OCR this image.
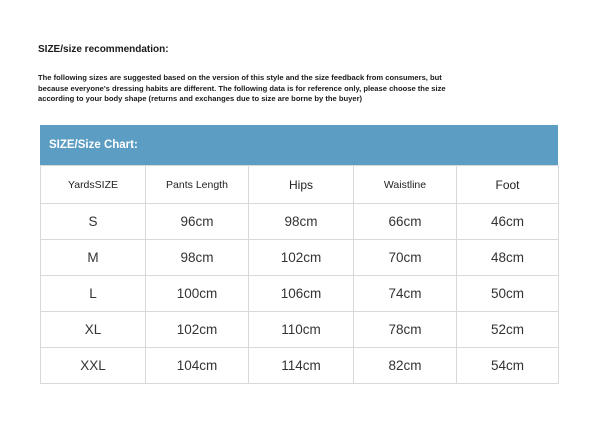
SIZE/size recommendation:
The following sizes are suggested based on the version of this style and the size feedback from consumers, but
because everyone's dressing habits are different. The following data is for reference only, please choose the size
according to your body shape (returns and exchanges due to size are borne by the buyer)
SIZE/Size Chart:
YardsSIZE	Pants Length	Hips	Waistline	Foot
S	96cm	98cm	66cm	46cm
M	98cm	102cm	70cm	48cm
L	100cm	106cm	74cm	50cm
XL	102cm	110cm	78cm	52cm
XXL	104cm	114cm	82cm	54cm
